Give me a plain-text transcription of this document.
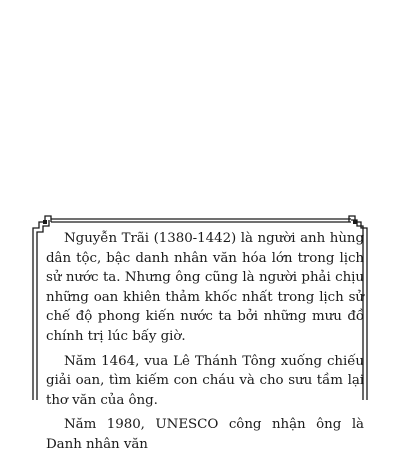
Nguyễn Trãi (1380-1442) là người anh hùng dân tộc, bậc danh nhân văn hóa lớn trong lịch sử nước ta. Nhưng ông cũng là người phải chịu những oan khiên thảm khốc nhất trong lịch sử chế độ phong kiến nước ta bởi những mưu đồ chính trị lúc bấy giờ.

Năm 1464, vua Lê Thánh Tông xuống chiếu giải oan, tìm kiếm con cháu và cho sưu tầm lại thơ văn của ông.

Năm 1980, UNESCO công nhận ông là Danh nhân văn
